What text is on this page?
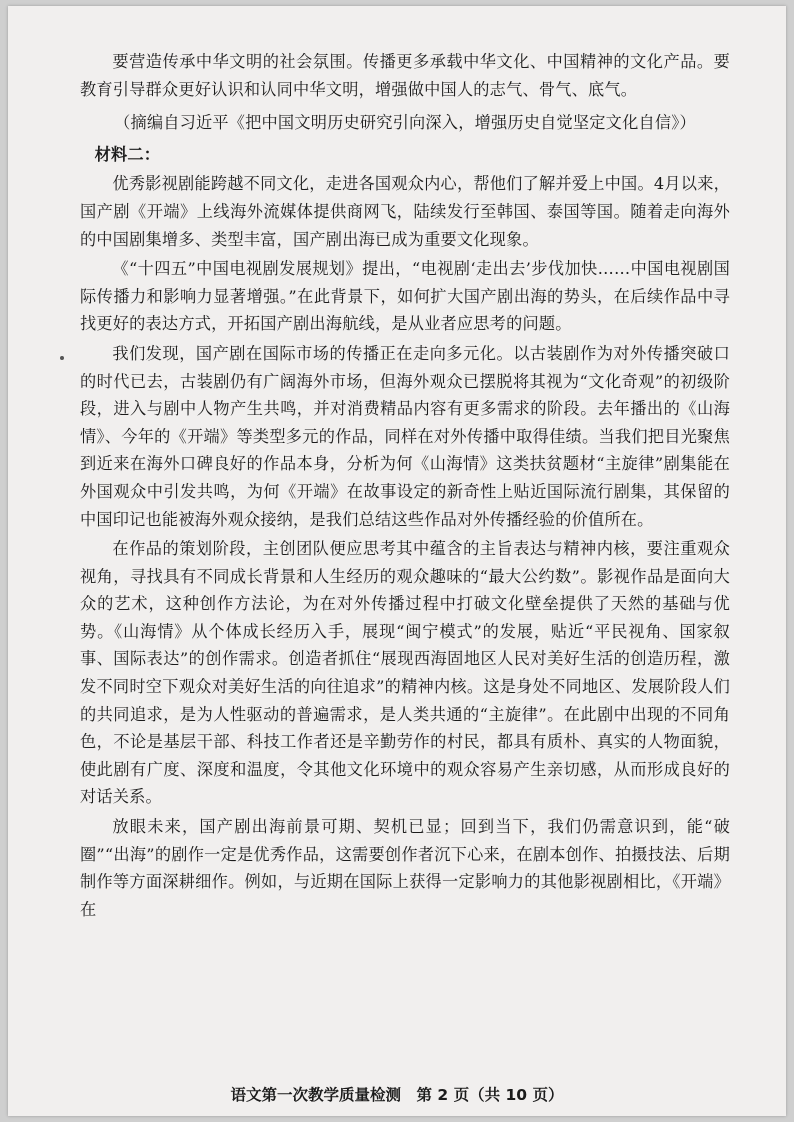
要营造传承中华文明的社会氛围。传播更多承载中华文化、中国精神的文化产品。要教育引导群众更好认识和认同中华文明，增强做中国人的志气、骨气、底气。

（摘编自习近平《把中国文明历史研究引向深入，增强历史自觉坚定文化自信》）

材料二：

优秀影视剧能跨越不同文化，走进各国观众内心，帮他们了解并爱上中国。4月以来，国产剧《开端》上线海外流媒体提供商网飞，陆续发行至韩国、泰国等国。随着走向海外的中国剧集增多、类型丰富，国产剧出海已成为重要文化现象。

《“十四五”中国电视剧发展规划》提出，“电视剧‘走出去’步伐加快……中国电视剧国际传播力和影响力显著增强。”在此背景下，如何扩大国产剧出海的势头，在后续作品中寻找更好的表达方式，开拓国产剧出海航线，是从业者应思考的问题。

我们发现，国产剧在国际市场的传播正在走向多元化。以古装剧作为对外传播突破口的时代已去，古装剧仍有广阔海外市场，但海外观众已摆脱将其视为“文化奇观”的初级阶段，进入与剧中人物产生共鸣，并对消费精品内容有更多需求的阶段。去年播出的《山海情》、今年的《开端》等类型多元的作品，同样在对外传播中取得佳绩。当我们把目光聚焦到近来在海外口碑良好的作品本身，分析为何《山海情》这类扶贫题材“主旋律”剧集能在外国观众中引发共鸣，为何《开端》在故事设定的新奇性上贴近国际流行剧集，其保留的中国印记也能被海外观众接纳，是我们总结这些作品对外传播经验的价值所在。

在作品的策划阶段，主创团队便应思考其中蕴含的主旨表达与精神内核，要注重观众视角，寻找具有不同成长背景和人生经历的观众趣味的“最大公约数”。影视作品是面向大众的艺术，这种创作方法论，为在对外传播过程中打破文化壁垒提供了天然的基础与优势。《山海情》从个体成长经历入手，展现“闽宁模式”的发展，贴近“平民视角、国家叙事、国际表达”的创作需求。创造者抓住“展现西海固地区人民对美好生活的创造历程，激发不同时空下观众对美好生活的向往追求”的精神内核。这是身处不同地区、发展阶段人们的共同追求，是为人性驱动的普遍需求，是人类共通的“主旋律”。在此剧中出现的不同角色，不论是基层干部、科技工作者还是辛勤劳作的村民，都具有质朴、真实的人物面貌，使此剧有广度、深度和温度，令其他文化环境中的观众容易产生亲切感，从而形成良好的对话关系。

放眼未来，国产剧出海前景可期、契机已显；回到当下，我们仍需意识到，能“破圈”“出海”的剧作一定是优秀作品，这需要创作者沉下心来，在剧本创作、拍摄技法、后期制作等方面深耕细作。例如，与近期在国际上获得一定影响力的其他影视剧相比，《开端》在

语文第一次教学质量检测　第 2 页（共 10 页）
